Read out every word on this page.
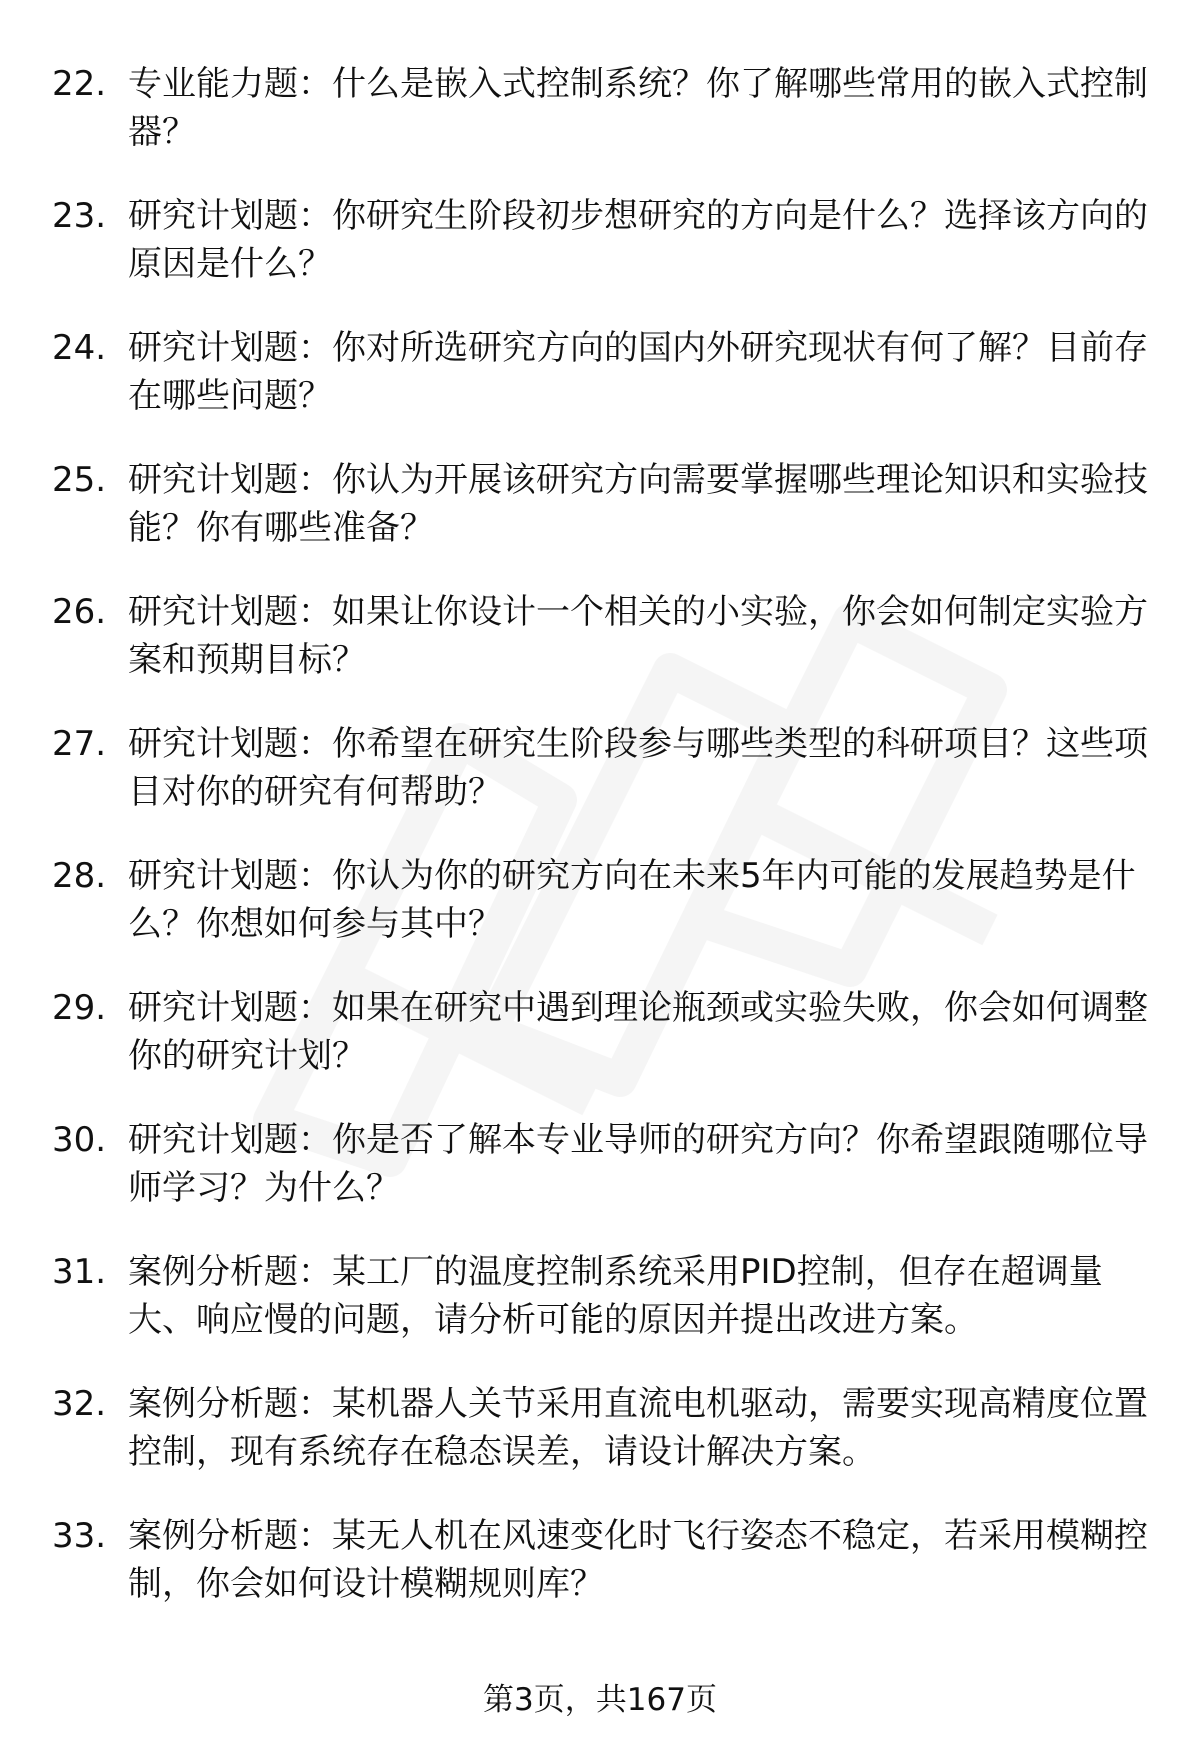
22. 专业能力题：什么是嵌入式控制系统？你了解哪些常用的嵌入式控制器？
23. 研究计划题：你研究生阶段初步想研究的方向是什么？选择该方向的原因是什么？
24. 研究计划题：你对所选研究方向的国内外研究现状有何了解？目前存在哪些问题？
25. 研究计划题：你认为开展该研究方向需要掌握哪些理论知识和实验技能？你有哪些准备？
26. 研究计划题：如果让你设计一个相关的小实验，你会如何制定实验方案和预期目标？
27. 研究计划题：你希望在研究生阶段参与哪些类型的科研项目？这些项目对你的研究有何帮助？
28. 研究计划题：你认为你的研究方向在未来5年内可能的发展趋势是什么？你想如何参与其中？
29. 研究计划题：如果在研究中遇到理论瓶颈或实验失败，你会如何调整你的研究计划？
30. 研究计划题：你是否了解本专业导师的研究方向？你希望跟随哪位导师学习？为什么？
31. 案例分析题：某工厂的温度控制系统采用PID控制，但存在超调量大、响应慢的问题，请分析可能的原因并提出改进方案。
32. 案例分析题：某机器人关节采用直流电机驱动，需要实现高精度位置控制，现有系统存在稳态误差，请设计解决方案。
33. 案例分析题：某无人机在风速变化时飞行姿态不稳定，若采用模糊控制，你会如何设计模糊规则库？
第3页，共167页
